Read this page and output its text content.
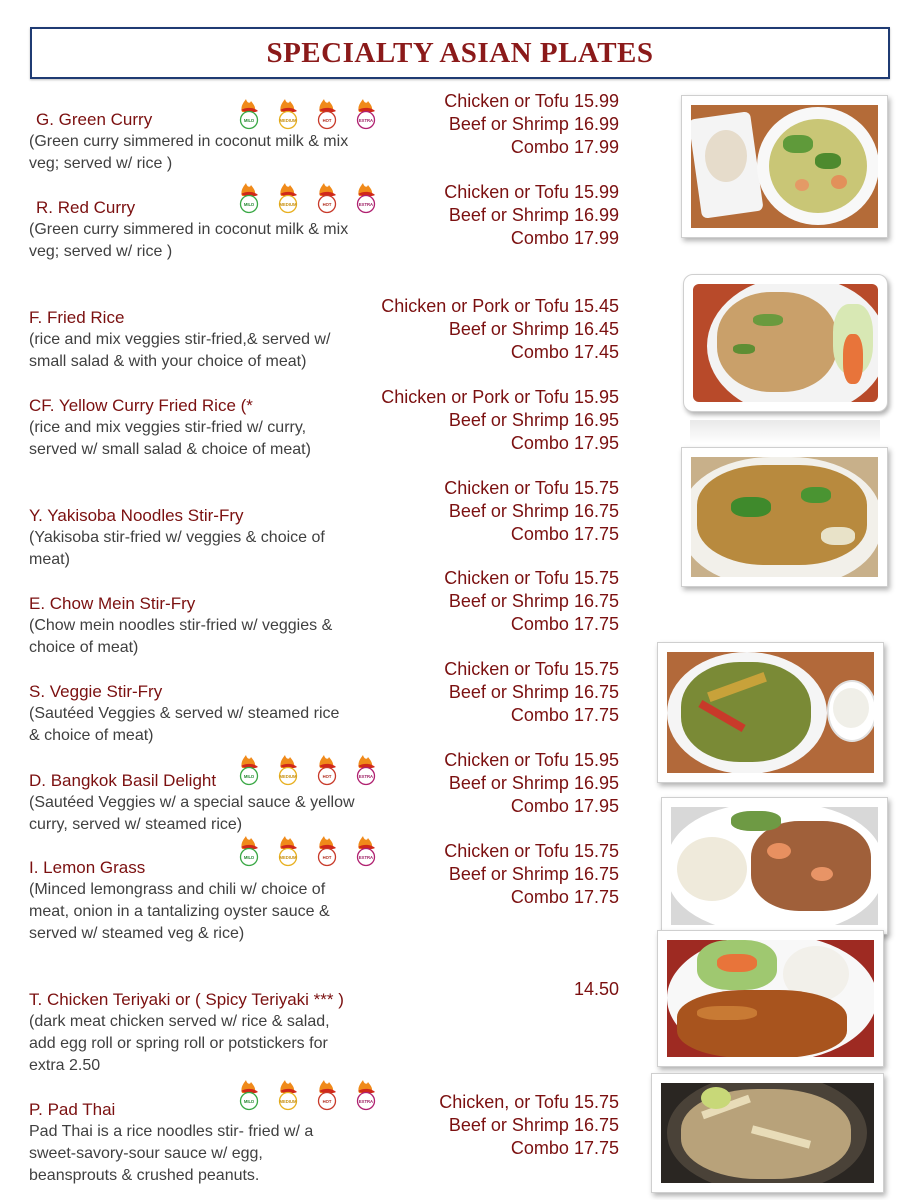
SPECIALTY ASIAN PLATES
G. Green Curry
(Green curry simmered in coconut milk & mix
veg; served w/ rice )
Chicken or Tofu 15.99
Beef or Shrimp 16.99
Combo 17.99
R. Red Curry
(Green curry simmered in coconut milk & mix
veg; served w/ rice )
Chicken or Tofu 15.99
Beef or Shrimp 16.99
Combo 17.99
F. Fried Rice
(rice and mix veggies stir-fried,& served w/
small salad & with your choice of meat)
Chicken or Pork or Tofu 15.45
Beef or Shrimp 16.45
Combo 17.45
CF. Yellow Curry Fried Rice (*
(rice and mix veggies stir-fried w/ curry,
served w/ small salad & choice of meat)
Chicken or Pork or Tofu 15.95
Beef or Shrimp 16.95
Combo 17.95
Y. Yakisoba Noodles Stir-Fry
(Yakisoba stir-fried w/ veggies & choice of
meat)
Chicken or Tofu 15.75
Beef or Shrimp 16.75
Combo 17.75
E. Chow Mein Stir-Fry
(Chow mein noodles stir-fried w/ veggies &
choice of meat)
Chicken or Tofu 15.75
Beef or Shrimp 16.75
Combo 17.75
S. Veggie Stir-Fry
(Sautéed Veggies & served w/ steamed rice
& choice of meat)
Chicken or Tofu 15.75
Beef or Shrimp 16.75
Combo 17.75
D. Bangkok Basil Delight
(Sautéed Veggies w/ a special sauce & yellow
curry, served w/ steamed rice)
Chicken or Tofu 15.95
Beef or Shrimp 16.95
Combo 17.95
I. Lemon Grass
(Minced lemongrass and chili w/ choice of
meat, onion in a tantalizing oyster sauce &
served w/ steamed veg & rice)
Chicken or Tofu 15.75
Beef or Shrimp 16.75
Combo 17.75
T. Chicken Teriyaki or ( Spicy Teriyaki *** )
(dark meat chicken served w/ rice & salad,
add egg roll or spring roll or potstickers for
extra 2.50
14.50
P. Pad Thai
Pad Thai is a rice noodles stir- fried w/ a
sweet-savory-sour sauce w/ egg,
beansprouts & crushed peanuts.
Chicken, or Tofu 15.75
Beef or Shrimp 16.75
Combo 17.75
MILD	MEDIUM	HOT	EXTRA
MILD	MEDIUM	HOT	EXTRA
MILD	MEDIUM	HOT	EXTRA
MILD	MEDIUM	HOT	EXTRA
MILD	MEDIUM	HOT	EXTRA
